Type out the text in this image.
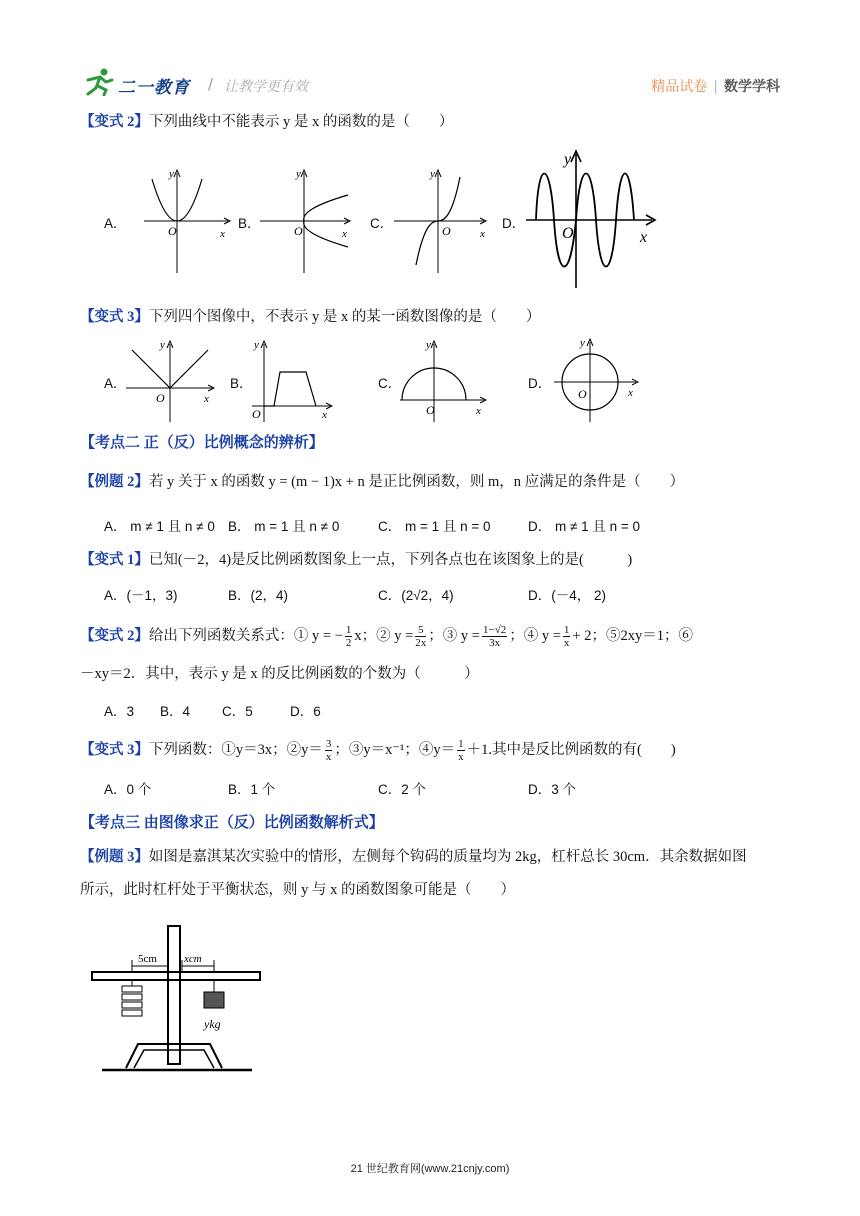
二一教育 / 让教学更有效	精品试卷 | 数学学科
【变式 2】下列曲线中不能表示 y 是 x 的函数的是（　　）
A．	O	x
y
B．	O	x
y
C．	O	x
y
D．
O	x
y
【变式 3】下列四个图像中，不表示 y 是 x 的某一函数图像的是（　　）
A．
O	x
y
B．
O	x
y
C．
O	x
y
D．
O	x
y
【考点二 正（反）比例概念的辨析】
【例题 2】若 y 关于 x 的函数 y = (m − 1)x + n 是正比例函数，则 m，n 应满足的条件是（　　）
A． m ≠ 1 且 n ≠ 0 B． m = 1 且 n ≠ 0	C． m = 1 且 n = 0	D． m ≠ 1 且 n = 0
【变式 1】已知(－2，4)是反比例函数图象上一点，下列各点也在该图象上的是(　　　)
A．(－1，3)	B．(2，4)	C．(2√2，4)	D．(－4， 2)
【变式 2】给出下列函数关系式：① y = − $\frac{1}{2}$ x；② $y = \frac{5}{2x}$ ；③ $y = \frac{1-√2}{3x}$ ；④ $y = \frac{1}{x} + 2$；⑤2xy＝1；⑥
－xy＝2．其中，表示 y 是 x 的反比例函数的个数为（　　　）
A．3 B．4 C．5	D．6
【变式 3】下列函数：①y＝3x；②y＝ $\frac{3}{x}$ ；③y＝x⁻¹；④y＝ $\frac{1}{x} +1$.其中是反比例函数的有(　　)
A．0 个	B．1 个	C．2 个	D．3 个
【考点三 由图像求正（反）比例函数解析式】
【例题 3】如图是嘉淇某次实验中的情形，左侧每个钩码的质量均为 2kg，杠杆总长 30cm．其余数据如图
所示，此时杠杆处于平衡状态，则 y 与 x 的函数图象可能是（　　）
5cm xcm
ykg
21 世纪教育网(www.21cnjy.com)
